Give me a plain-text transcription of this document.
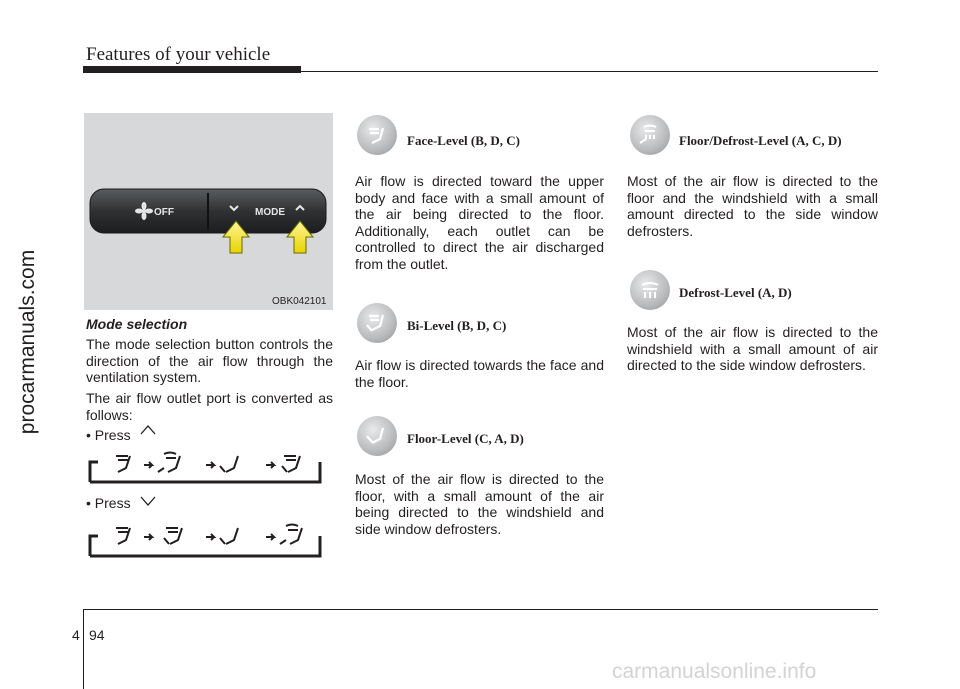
Features of your vehicle
procarmanuals.com
OFF	MODE
OBK042101
Mode selection
The mode selection button controls the direction of the air flow through the ventilation system.
The air flow outlet port is converted as follows:
• Press
• Press
Face-Level (B, D, C)
Air flow is directed toward the upper body and face with a small amount of the air being directed to the floor. Additionally, each outlet can be controlled to direct the air discharged from the outlet.
Bi-Level (B, D, C)
Air flow is directed towards the face and the floor.
Floor-Level (C, A, D)
Most of the air flow is directed to the floor, with a small amount of the air being directed to the windshield and side window defrosters.
Floor/Defrost-Level (A, C, D)
Most of the air flow is directed to the floor and the windshield with a small amount directed to the side window defrosters.
Defrost-Level (A, D)
Most of the air flow is directed to the windshield with a small amount of air directed to the side window defrosters.
4 94
carmanualsonline.info
